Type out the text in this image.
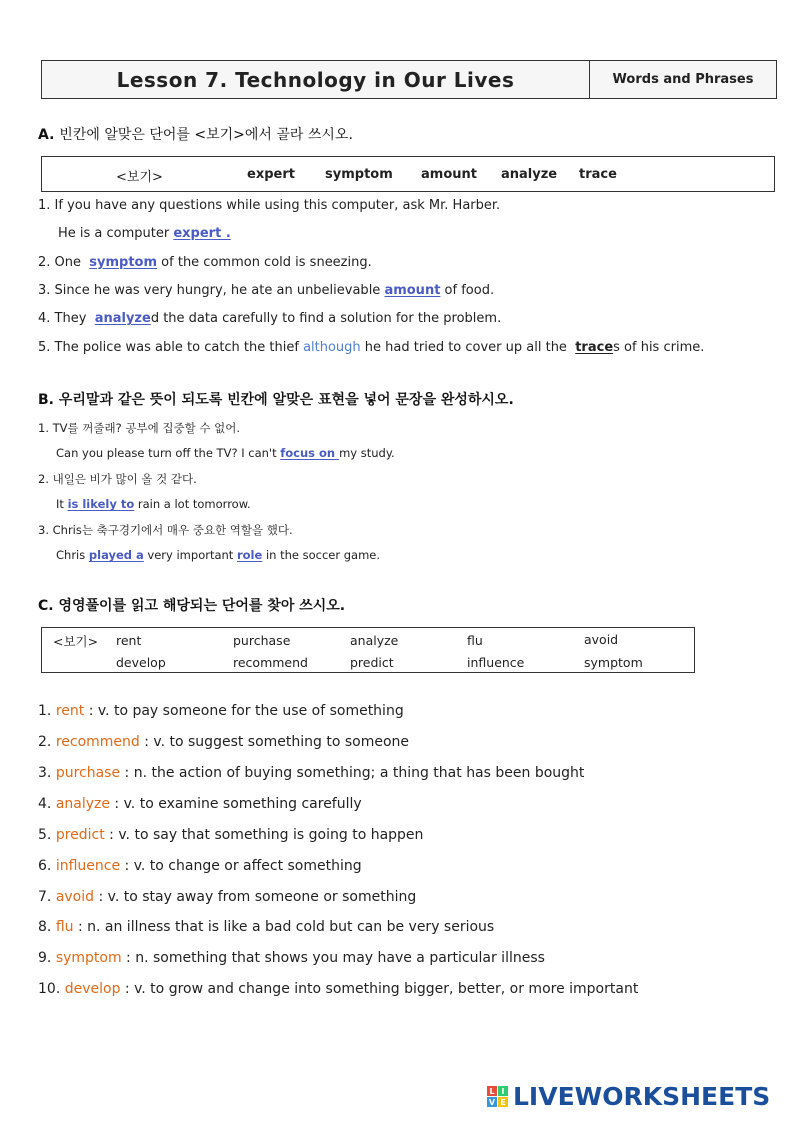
Lesson 7. Technology in Our Lives	Words and Phrases
A. 빈칸에 알맞은 단어를 <보기>에서 골라 쓰시오.
<보기>	expert symptom amount analyze trace
1. If you have any questions while using this computer, ask Mr. Harber.
He is a computer expert .
2. One  symptom of the common cold is sneezing.
3. Since he was very hungry, he ate an unbelievable amount of food.
4. They  analyzed the data carefully to find a solution for the problem.
5. The police was able to catch the thief although he had tried to cover up all the  traces of his crime.
B. 우리말과 같은 뜻이 되도록 빈칸에 알맞은 표현을 넣어 문장을 완성하시오.
1. TV를 꺼줄래? 공부에 집중할 수 없어.
Can you please turn off the TV? I can't focus on my study.
2. 내일은 비가 많이 올 것 같다.
It is likely to rain a lot tomorrow.
3. Chris는 축구경기에서 매우 중요한 역할을 했다.
Chris played a very important role in the soccer game.
C. 영영풀이를 읽고 해당되는 단어를 찾아 쓰시오.
<보기> rent	purchase	analyze	flu	avoid
develop	recommend	predict	influence	symptom
1. rent : v. to pay someone for the use of something
2. recommend : v. to suggest something to someone
3. purchase : n. the action of buying something; a thing that has been bought
4. analyze : v. to examine something carefully
5. predict : v. to say that something is going to happen
6. influence : v. to change or affect something
7. avoid : v. to stay away from someone or something
8. flu : n. an illness that is like a bad cold but can be very serious
9. symptom : n. something that shows you may have a particular illness
10. develop : v. to grow and change into something bigger, better, or more important
L I
V E LIVEWORKSHEETS
